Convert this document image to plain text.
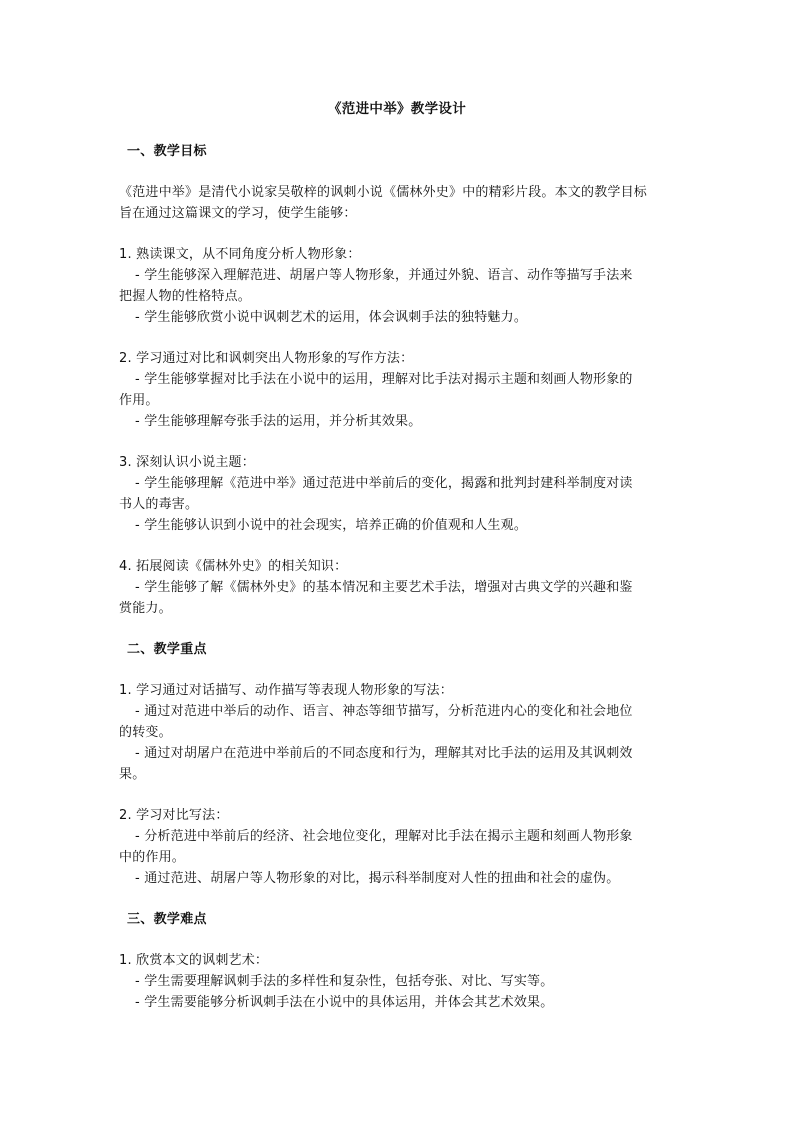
《范进中举》教学设计
一、教学目标
《范进中举》是清代小说家吴敬梓的讽刺小说《儒林外史》中的精彩片段。本文的教学目标
旨在通过这篇课文的学习，使学生能够：
1. 熟读课文，从不同角度分析人物形象：
- 学生能够深入理解范进、胡屠户等人物形象，并通过外貌、语言、动作等描写手法来
把握人物的性格特点。
- 学生能够欣赏小说中讽刺艺术的运用，体会讽刺手法的独特魅力。
2. 学习通过对比和讽刺突出人物形象的写作方法：
- 学生能够掌握对比手法在小说中的运用，理解对比手法对揭示主题和刻画人物形象的
作用。
- 学生能够理解夸张手法的运用，并分析其效果。
3. 深刻认识小说主题：
- 学生能够理解《范进中举》通过范进中举前后的变化，揭露和批判封建科举制度对读
书人的毒害。
- 学生能够认识到小说中的社会现实，培养正确的价值观和人生观。
4. 拓展阅读《儒林外史》的相关知识：
- 学生能够了解《儒林外史》的基本情况和主要艺术手法，增强对古典文学的兴趣和鉴
赏能力。
二、教学重点
1. 学习通过对话描写、动作描写等表现人物形象的写法：
- 通过对范进中举后的动作、语言、神态等细节描写，分析范进内心的变化和社会地位
的转变。
- 通过对胡屠户在范进中举前后的不同态度和行为，理解其对比手法的运用及其讽刺效
果。
2. 学习对比写法：
- 分析范进中举前后的经济、社会地位变化，理解对比手法在揭示主题和刻画人物形象
中的作用。
- 通过范进、胡屠户等人物形象的对比，揭示科举制度对人性的扭曲和社会的虚伪。
三、教学难点
1. 欣赏本文的讽刺艺术：
- 学生需要理解讽刺手法的多样性和复杂性，包括夸张、对比、写实等。
- 学生需要能够分析讽刺手法在小说中的具体运用，并体会其艺术效果。
